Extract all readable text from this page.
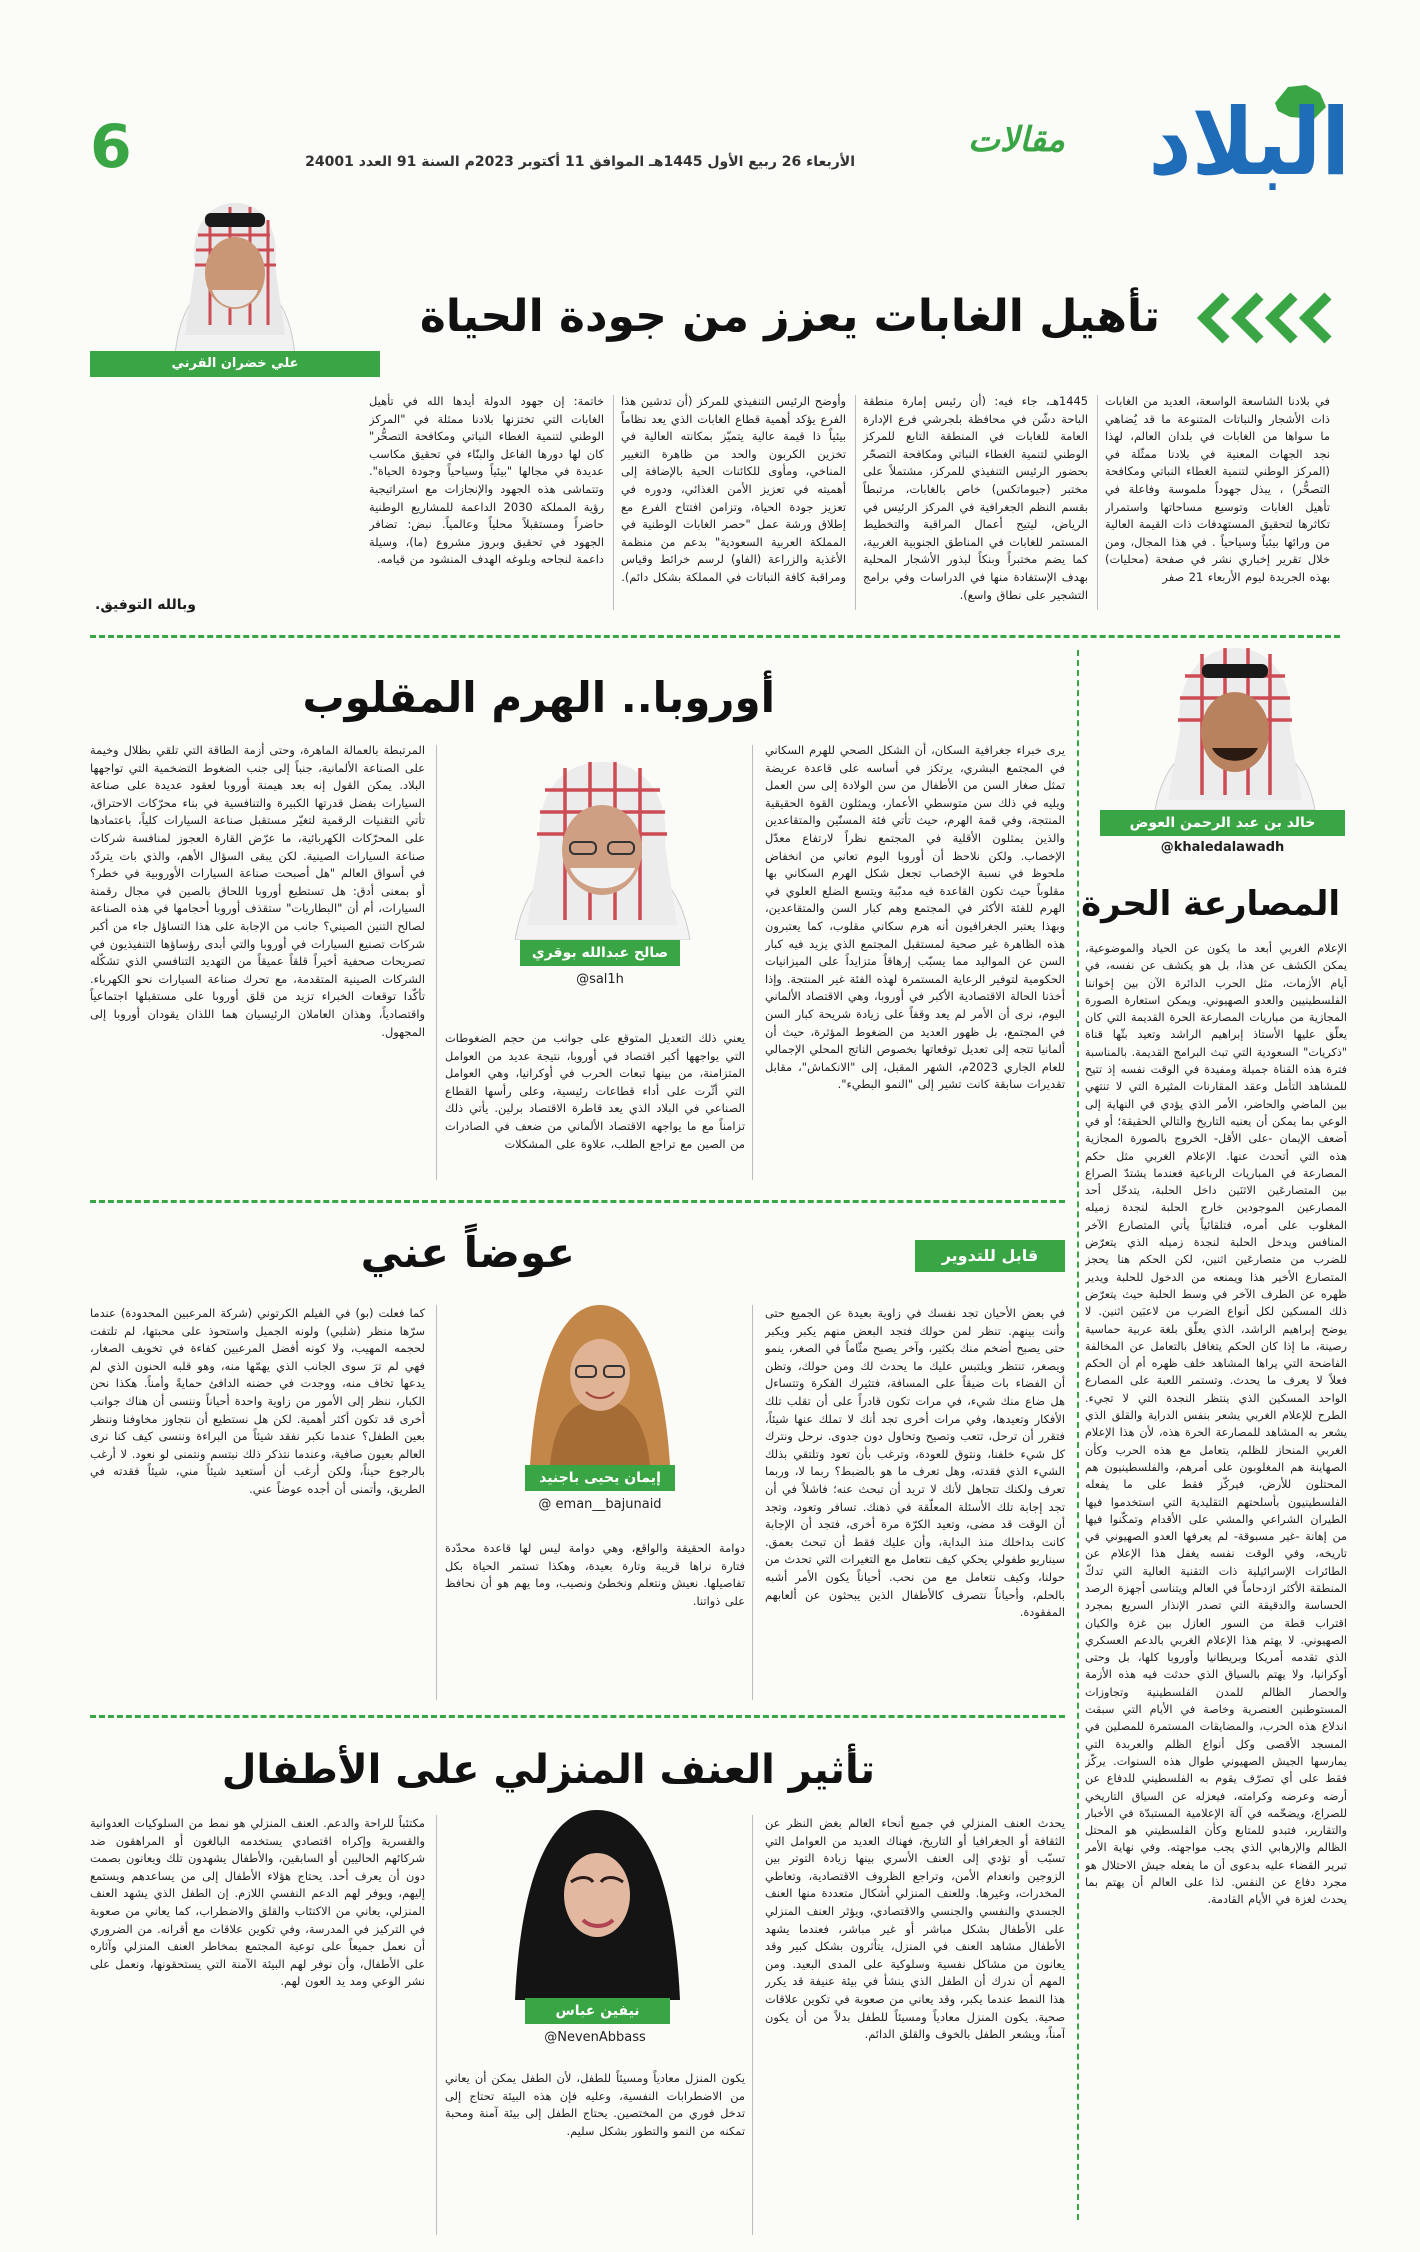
البلاد
مقالات
الأربعاء 26 ربيع الأول 1445هـ الموافق 11 أكتوبر 2023م السنة 91 العدد 24001
6
تأهيل الغابات يعزز من جودة الحياة
علي خضران القرني
في بلادنا الشاسعة الواسعة، العديد من الغابات ذات الأشجار والنباتات المتنوعة ما قد يُضاهي ما سواها من الغابات في بلدان العالم، لهذا نجد الجهات المعنية في بلادنا ممثّلة في (المركز الوطني لتنمية الغطاء النباتي ومكافحة التصحُّر) ، يبذل جهوداً ملموسة وفاعلة في تأهيل الغابات وتوسيع مساحاتها واستمرار تكاثرها لتحقيق المستهدفات ذات القيمة العالية من ورائها بيئياً وسياحياً . في هذا المجال، ومن خلال تقرير إخباري نشر في صفحة (محليات) بهذه الجريدة ليوم الأربعاء 21 صفر
1445هـ، جاء فيه: (أن رئيس إمارة منطقة الباحة دشّن في محافظة بلجرشي فرع الإدارة العامة للغابات في المنطقة التابع للمركز الوطني لتنمية الغطاء النباتي ومكافحة التصحّر بحضور الرئيس التنفيذي للمركز، مشتملاً على مختبر (جيوماتكس) خاص بالغابات، مرتبطاً بقسم النظم الجغرافية في المركز الرئيس في الرياض، ليتيح أعمال المراقبة والتخطيط المستمر للغابات في المناطق الجنوبية الغربية، كما يضم مختبراً وبنكاً لبذور الأشجار المحلية بهدف الإستفادة منها في الدراسات وفي برامج التشجير على نطاق واسع).
وأوضح الرئيس التنفيذي للمركز (أن تدشين هذا الفرع يؤكد أهمية قطاع الغابات الذي يعد نظاماً بيئياً ذا قيمة عالية يتميّز بمكانته العالية في تخزين الكربون والحد من ظاهرة التغيير المناخي، ومأوى للكائنات الحية بالإضافة إلى أهميته في تعزيز الأمن الغذائي، ودوره في تعزيز جودة الحياة، وتزامن افتتاح الفرع مع إطلاق ورشة عمل "حصر الغابات الوطنية في المملكة العربية السعودية" بدعم من منظمة الأغذية والزراعة (الفاو) لرسم خرائط وقياس ومراقبة كافة النباتات في المملكة بشكل دائم).
خاتمة: إن جهود الدولة أيدها الله في تأهيل الغابات التي تختزنها بلادنا ممثلة في "المركز الوطني لتنمية الغطاء النباتي ومكافحة التصحُّر" كان لها دورها الفاعل والبنّاء في تحقيق مكاسب عديدة في مجالها "بيئياً وسياحياً وجودة الحياة". وتتماشى هذه الجهود والإنجازات مع استراتيجية رؤية المملكة 2030 الداعمة للمشاريع الوطنية حاضراً ومستقبلاً محلياً وعالمياً. نبض: تضافر الجهود في تحقيق وبروز مشروع (ما)، وسيلة داعمة لنجاحه وبلوغه الهدف المنشود من قيامه.
وبالله التوفيق.
أوروبا.. الهرم المقلوب
يرى خبراء جغرافية السكان، أن الشكل الصحي للهرم السكاني في المجتمع البشري، يرتكز في أساسه على قاعدة عريضة تمثل صغار السن من الأطفال من سن الولادة إلى سن العمل ويليه في ذلك سن متوسطي الأعمار، ويمثلون القوة الحقيقية المنتجة، وفي قمة الهرم، حيث تأتي فئة المسنّين والمتقاعدين والذين يمثلون الأقلية في المجتمع نظراً لارتفاع معدّل الإخصاب. ولكن نلاحظ أن أوروبا اليوم تعاني من انخفاض ملحوظ في نسبة الإخصاب تجعل شكل الهرم السكاني بها مقلوباً حيث تكون القاعدة فيه مدبّبة ويتسع الضلع العلوي في الهرم للفئة الأكثر في المجتمع وهم كبار السن والمتقاعدين، وبهذا يعتبر الجغرافيون أنه هرم سكاني مقلوب، كما يعتبرون هذه الظاهرة غير صحية لمستقبل المجتمع الذي يزيد فيه كبار السن عن المواليد مما يسبّب إرهاقاً متزايداً على الميزانيات الحكومية لتوفير الرعاية المستمرة لهذه الفئة غير المنتجة. وإذا أخذنا الحالة الاقتصادية الأكبر في أوروبا، وهي الاقتصاد الألماني اليوم، نرى أن الأمر لم يعد وقفاً على زيادة شريحة كبار السن في المجتمع، بل ظهور العديد من الضغوط المؤثرة، حيث أن ألمانيا تتجه إلى تعديل توقعاتها بخصوص الناتج المحلي الإجمالي للعام الجاري 2023م، الشهر المقبل، إلى "الانكماش"، مقابل تقديرات سابقة كانت تشير إلى "النمو البطيء".
صالح عبدالله بوقري
@sal1h
يعني ذلك التعديل المتوقع على جوانب من حجم الضغوطات التي يواجهها أكبر اقتصاد في أوروبا، نتيجة عديد من العوامل المتزامنة، من بينها تبعات الحرب في أوكرانيا، وهي العوامل التي أثّرت على أداء قطاعات رئيسية، وعلى رأسها القطاع الصناعي في البلاد الذي يعد قاطرة الاقتصاد برلين. يأتي ذلك تزامناً مع ما يواجهه الاقتصاد الألماني من ضعف في الصادرات من الصين مع تراجع الطلب، علاوة على المشكلات
المرتبطة بالعمالة الماهرة، وحتى أزمة الطاقة التي تلقي بظلال وخيمة على الصناعة الألمانية، جنباً إلى جنب الضغوط التضخمية التي تواجهها البلاد. يمكن القول إنه بعد هيمنة أوروبا لعقود عديدة على صناعة السيارات بفضل قدرتها الكبيرة والتنافسية في بناء محرّكات الاحتراق، تأتي التقنيات الرقمية لتغيّر مستقبل صناعة السيارات كلياً، باعتمادها على المحرّكات الكهربائية، ما عرّض القارة العجوز لمنافسة شركات صناعة السيارات الصينية. لكن يبقى السؤال الأهم، والذي بات يتردّد في أسواق العالم "هل أصبحت صناعة السيارات الأوروبية في خطر؟ أو بمعنى أدق: هل تستطيع أوروبا اللحاق بالصين في مجال رقمنة السيارات، أم أن "البطاريات" ستقذف أوروبا أحجامها في هذه الصناعة لصالح التنين الصيني؟ جانب من الإجابة على هذا التساؤل جاء من أكبر شركات تصنيع السيارات في أوروبا والتي أبدى رؤساؤها التنفيذيون في تصريحات صحفية أخيراً قلقاً عميقاً من التهديد التنافسي الذي تشكّله الشركات الصينية المتقدمة، مع تحرك صناعة السيارات نحو الكهرباء. تأكّدا توقعات الخبراء تزيد من قلق أوروبا على مستقبلها اجتماعياً واقتصادياً، وهذان العاملان الرئيسيان هما اللذان يقودان أوروبا إلى المجهول.
خالد بن عبد الرحمن العوض
@khaledalawadh
المصارعة الحرة
الإعلام الغربي أبعد ما يكون عن الحياد والموضوعية، يمكن الكشف عن هذا، بل هو يكشف عن نفسه، في أيام الأزمات، مثل الحرب الدائرة الآن بين إخواننا الفلسطينيين والعدو الصهيوني. ويمكن استعارة الصورة المجازية من مباريات المصارعة الحرة القديمة التي كان يعلّق عليها الأستاذ إبراهيم الراشد وتعيد بثّها قناة "ذكريات" السعودية التي تبث البرامج القديمة. بالمناسبة فترة هذه القناة جميلة ومفيدة في الوقت نفسه إذ تتيح للمشاهد التأمل وعقد المقارنات المثيرة التي لا تنتهي بين الماضي والحاضر، الأمر الذي يؤدي في النهاية إلى الوعي بما يمكن أن يعنيه التاريخ والتالي الحقيقة؛ أو في أضعف الإيمان -على الأقل- الخروج بالصورة المجازية هذه التي أتحدث عنها. الإعلام الغربي مثل حكم المصارعة في المباريات الرباعية فعندما يشتدّ الصراع بين المتصارعَين الاثنَين داخل الحلبة، يتدخّل أحد المصارعين الموجودين خارج الحلبة لنجدة زميله المغلوب على أمره، فتلقائياً يأتي المتصارع الآخر المنافس ويدخل الحلبة لنجدة زميله الذي يتعرّض للضرب من متصارعَين اثنين، لكن الحكم هنا يحجز المتصارع الأخير هذا ويمنعه من الدخول للحلبة ويدير ظهره عن الطرف الآخر في وسط الحلبة حيث يتعرّض ذلك المسكين لكل أنواع الضرب من لاعبَين اثنين. لا يوضح إبراهيم الراشد، الذي يعلّق بلغة عربية حماسية رصينة، ما إذا كان الحكم يتغافل بالتعامل عن المخالفة الفاضحة التي يراها المشاهد خلف ظهره أم أن الحكم فعلاً لا يعرف ما يحدث. وتستمر اللعبة على المصارع الواحد المسكين الذي ينتظر النجدة التي لا تجيء. الطرح للإعلام الغربي يشعر بنفس الدراية والقلق الذي يشعر به المشاهد للمصارعة الحرة هذه، لأن هذا الإعلام الغربي المنحاز للظلم، يتعامل مع هذه الحرب وكأن الصهاينة هم المغلوبون على أمرهم، والفلسطينيون هم المحتلون للأرض، فيركّز فقط على ما يفعله الفلسطينيون بأسلحتهم التقليدية التي استخدموا فيها الطيران الشراعي والمشي على الأقدام وتمكّنوا فيها من إهانة -غير مسبوقة- لم يعرفها العدو الصهيوني في تاريخه، وفي الوقت نفسه يغفل هذا الإعلام عن الطائرات الإسرائيلية ذات التقنية العالية التي تدكّ المنطقة الأكثر ازدحاماً في العالم ويتناسى أجهزة الرصد الحساسة والدقيقة التي تصدر الإنذار السريع بمجرد اقتراب قطة من السور العازل بين غزة والكيان الصهيوني. لا يهتم هذا الإعلام الغربي بالدعم العسكري الذي تقدمه أمريكا وبريطانيا وأوروبا كلها، بل وحتى أوكرانيا، ولا يهتم بالسياق الذي حدثت فيه هذه الأزمة والحصار الظالم للمدن الفلسطينية وتجاوزات المستوطنين العنصرية وخاصة في الأيام التي سبقت اندلاع هذه الحرب، والمضايقات المستمرة للمصلين في المسجد الأقصى وكل أنواع الظلم والعربدة التي يمارسها الجيش الصهيوني طوال هذه السنوات. يركّز فقط على أي تصرّف يقوم به الفلسطيني للدفاع عن أرضه وعرضه وكرامته، فيعزله عن السياق التاريخي للصراع، ويضخّمه في آلة الإعلامية المستبدّة في الأخبار والتقارير، فتبدو للمتابع وكأن الفلسطيني هو المحتل الظالم والإرهابي الذي يجب مواجهته. وفي نهاية الأمر تبرير القضاء عليه بدعوى أن ما يفعله جيش الاحتلال هو مجرد دفاع عن النفس. لذا على العالم أن يهتم بما يحدث لغزة في الأيام القادمة.
قابل للتدوير
عوضاً عني
في بعض الأحيان تجد نفسك في زاوية بعيدة عن الجميع حتى وأنت بينهم. تنظر لمن حولك فتجد البعض منهم يكبر ويكبر حتى يصبح أضخم منك بكثير، وآخر يصبح مثّاماً في الصغر، ينمو ويصغر، تنتظر ويلتبس عليك ما يحدث لك ومن حولك، وتظن أن الفضاء بات ضيقاً على المسافة، فتثيرك الفكرة وتتساءل هل ضاع منك شيء، في مرات تكون قادراً على أن تقلب تلك الأفكار وتعيدها، وفي مرات أخرى تجد أنك لا تملك عنها شيئاً، فتقرر أن ترحل، تتعب وتصيح وتحاول دون جدوى. نرحل ونترك كل شيء خلفنا، ونتوق للعودة، وترغب بأن تعود وتلتقي بذلك الشيء الذي فقدته، وهل تعرف ما هو بالضبط؟ ربما لا، وربما تعرف ولكنك تتجاهل لأنك لا تريد أن تبحث عنه؛ فاشلاً في أن تجد إجابة تلك الأسئلة المعلّقة في ذهنك. تسافر وتعود، وتجد أن الوقت قد مضى، وتعيد الكرّة مرة أخرى، فتجد أن الإجابة كانت بداخلك منذ البداية، وأن عليك فقط أن تبحث بعمق. سيناريو طفولي يحكي كيف نتعامل مع التغيرات التي تحدث من حولنا، وكيف نتعامل مع من نحب. أحياناً يكون الأمر أشبه بالحلم، وأحياناً نتصرف كالأطفال الذين يبحثون عن ألعابهم المفقودة.
إيمان يحيى باجنيد
@ eman__bajunaid
دوامة الحقيقة والواقع، وهي دوامة ليس لها قاعدة محدّدة فتارة نراها قريبة وتارة بعيدة، وهكذا تستمر الحياة بكل تفاصيلها. نعيش ونتعلم ونخطئ ونصيب، وما يهم هو أن نحافظ على ذواتنا.
كما فعلت (بو) في الفيلم الكرتوني (شركة المرعبين المحدودة) عندما سرّها منظر (شلبي) ولونه الجميل واستحوذ على محبتها، لم تلتفت لحجمه المهيب، ولا كونه أفضل المرعبين كفاءة في تخويف الصغار، فهي لم ترَ سوى الجانب الذي يهمّها منه، وهو قلبه الحنون الذي لم يدعها تخاف منه، ووجدت في حضنه الدافئ حمايةً وأمناً. هكذا نحن الكبار، ننظر إلى الأمور من زاوية واحدة أحياناً وننسى أن هناك جوانب أخرى قد تكون أكثر أهمية. لكن هل نستطيع أن نتجاوز مخاوفنا وننظر بعين الطفل؟ عندما نكبر نفقد شيئاً من البراءة وننسى كيف كنا نرى العالم بعيون صافية، وعندما نتذكر ذلك نبتسم ونتمنى لو نعود. لا أرغب بالرجوع حيناً، ولكن أرغب أن أستعيد شيئاً مني، شيئاً فقدته في الطريق، وأتمنى أن أجده عوضاً عني.
تأثير العنف المنزلي على الأطفال
يحدث العنف المنزلي في جميع أنحاء العالم بغض النظر عن الثقافة أو الجغرافيا أو التاريخ، فهناك العديد من العوامل التي تسبّب أو تؤدي إلى العنف الأسري بينها زيادة التوتر بين الزوجين وانعدام الأمن، وتراجع الظروف الاقتصادية، وتعاطي المخدرات، وغيرها. وللعنف المنزلي أشكال متعددة منها العنف الجسدي والنفسي والجنسي والاقتصادي، ويؤثر العنف المنزلي على الأطفال بشكل مباشر أو غير مباشر، فعندما يشهد الأطفال مشاهد العنف في المنزل، يتأثرون بشكل كبير وقد يعانون من مشاكل نفسية وسلوكية على المدى البعيد. ومن المهم أن ندرك أن الطفل الذي ينشأ في بيئة عنيفة قد يكرر هذا النمط عندما يكبر، وقد يعاني من صعوبة في تكوين علاقات صحية. يكون المنزل معادياً ومسيئاً للطفل بدلاً من أن يكون آمناً، ويشعر الطفل بالخوف والقلق الدائم.
نيفين عباس
@NevenAbbass
يكون المنزل معادياً ومسيئاً للطفل، لأن الطفل يمكن أن يعاني من الاضطرابات النفسية، وعليه فإن هذه البيئة تحتاج إلى تدخل فوري من المختصين. يحتاج الطفل إلى بيئة آمنة ومحبة تمكنه من النمو والتطور بشكل سليم.
مكتئباً للراحة والدعم. العنف المنزلي هو نمط من السلوكيات العدوانية والقسرية وإكراه اقتصادي يستخدمه البالغون أو المراهقون ضد شركائهم الحاليين أو السابقين، والأطفال يشهدون تلك ويعانون بصمت دون أن يعرف أحد. يحتاج هؤلاء الأطفال إلى من يساعدهم ويستمع إليهم، ويوفر لهم الدعم النفسي اللازم. إن الطفل الذي يشهد العنف المنزلي، يعاني من الاكتئاب والقلق والاضطراب، كما يعاني من صعوبة في التركيز في المدرسة، وفي تكوين علاقات مع أقرانه. من الضروري أن نعمل جميعاً على توعية المجتمع بمخاطر العنف المنزلي وآثاره على الأطفال، وأن نوفر لهم البيئة الآمنة التي يستحقونها، ونعمل على نشر الوعي ومد يد العون لهم.
